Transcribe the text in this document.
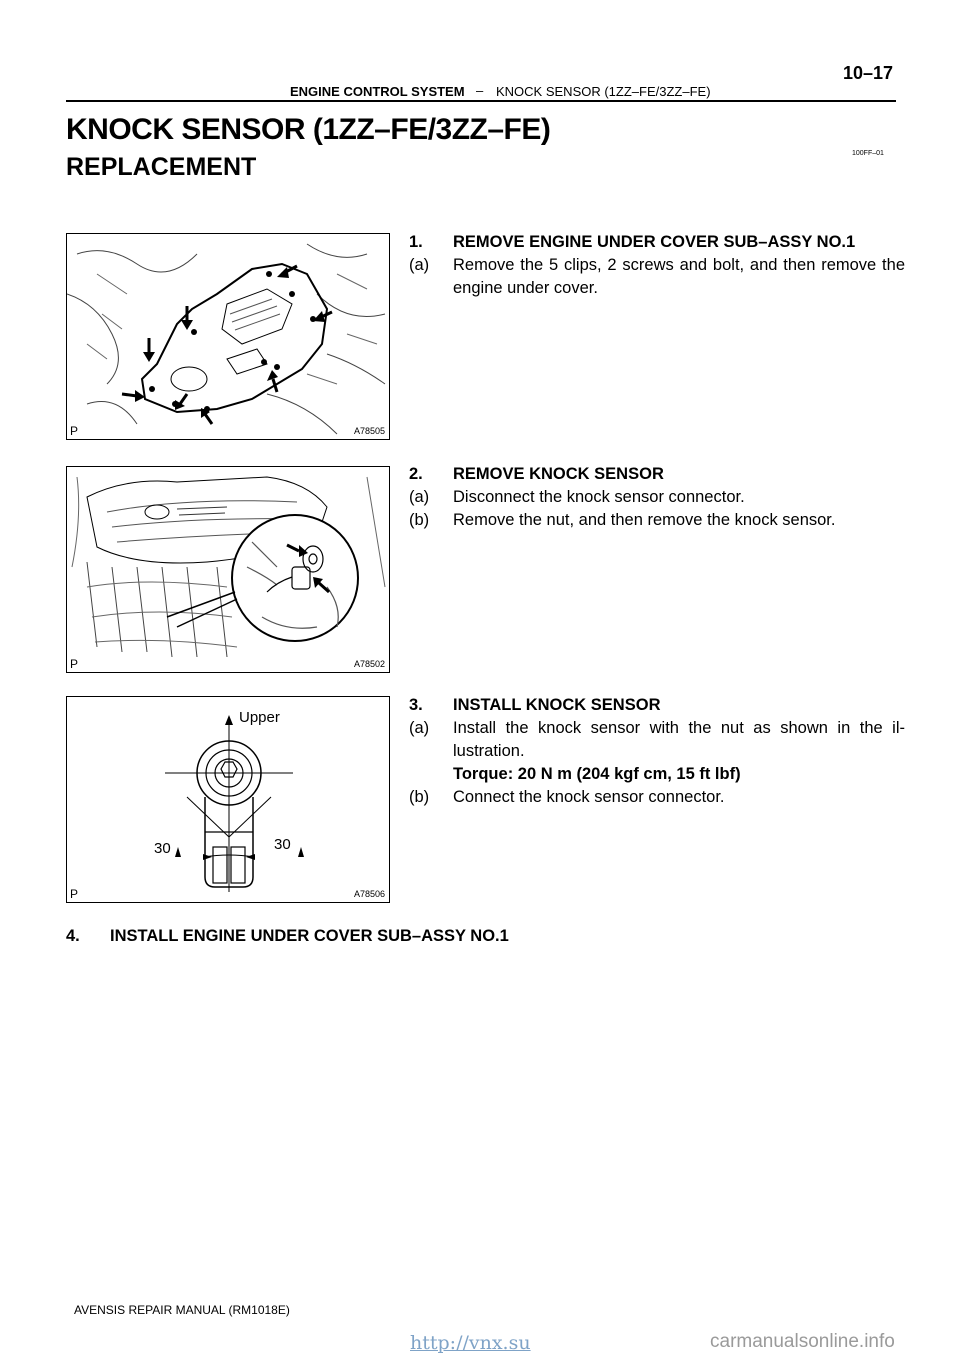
10–17
ENGINE CONTROL SYSTEM – KNOCK SENSOR (1ZZ–FE/3ZZ–FE)
KNOCK SENSOR (1ZZ–FE/3ZZ–FE)
100FF–01
REPLACEMENT
P	A78505
P	A78502
Upper
30	30
P	A78506
1. REMOVE ENGINE UNDER COVER SUB–ASSY NO.1
(a) Remove the 5 clips, 2 screws and bolt, and then remove the engine under cover.
2. REMOVE KNOCK SENSOR
(a) Disconnect the knock sensor connector.
(b) Remove the nut, and then remove the knock sensor.
3. INSTALL KNOCK SENSOR
(a) Install the knock sensor with the nut as shown in the il- lustration.
Torque: 20 N m (204 kgf cm, 15 ft lbf)
(b) Connect the knock sensor connector.
4. INSTALL ENGINE UNDER COVER SUB–ASSY NO.1
AVENSIS REPAIR MANUAL (RM1018E)
http://vnx.su	carmanualsonline.info
